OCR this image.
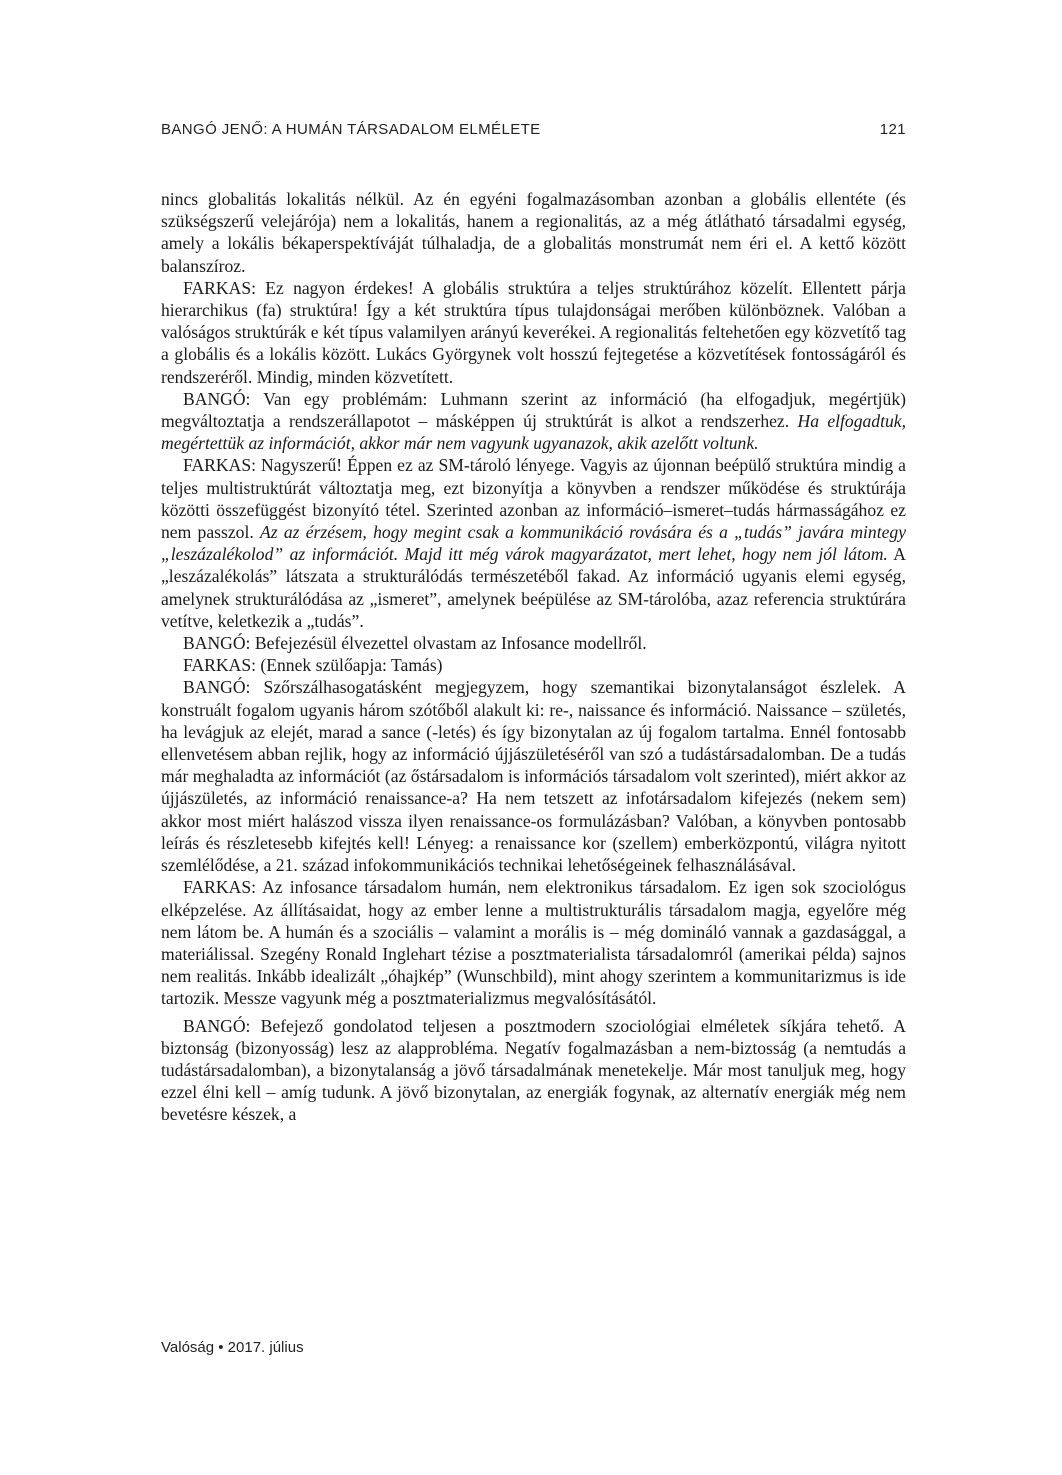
BANGÓ JENŐ: A HUMÁN TÁRSADALOM ELMÉLETE	121

nincs globalitás lokalitás nélkül. Az én egyéni fogalmazásomban azonban a globális ellentéte (és szükségszerű velejárója) nem a lokalitás, hanem a regionalitás, az a még átlátható társadalmi egység, amely a lokális békaperspektíváját túlhaladja, de a globalitás monstrumát nem éri el. A kettő között balanszíroz.

FARKAS: Ez nagyon érdekes! A globális struktúra a teljes struktúrához közelít. Ellentett párja hierarchikus (fa) struktúra! Így a két struktúra típus tulajdonságai merőben különböznek. Valóban a valóságos struktúrák e két típus valamilyen arányú keverékei. A regionalitás feltehetően egy közvetítő tag a globális és a lokális között. Lukács Györgynek volt hosszú fejtegetése a közvetítések fontosságáról és rendszeréről. Mindig, minden közvetített.

BANGÓ: Van egy problémám: Luhmann szerint az információ (ha elfogadjuk, megértjük) megváltoztatja a rendszerállapotot – másképpen új struktúrát is alkot a rendszerhez. Ha elfogadtuk, megértettük az információt, akkor már nem vagyunk ugyanazok, akik azelőtt voltunk.

FARKAS: Nagyszerű! Éppen ez az SM-tároló lényege. Vagyis az újonnan beépülő struktúra mindig a teljes multistruktúrát változtatja meg, ezt bizonyítja a könyvben a rendszer működése és struktúrája közötti összefüggést bizonyító tétel. Szerinted azonban az információ–ismeret–tudás hármasságához ez nem passzol. Az az érzésem, hogy megint csak a kommunikáció rovására és a „tudás” javára mintegy „leszázalékolod” az információt. Majd itt még várok magyarázatot, mert lehet, hogy nem jól látom. A „leszázalékolás” látszata a strukturálódás természetéből fakad. Az információ ugyanis elemi egység, amelynek strukturálódása az „ismeret”, amelynek beépülése az SM-tárolóba, azaz referencia struktúrára vetítve, keletkezik a „tudás”.

BANGÓ: Befejezésül élvezettel olvastam az Infosance modellről.

FARKAS: (Ennek szülőapja: Tamás)

BANGÓ: Szőrszálhasogatásként megjegyzem, hogy szemantikai bizonytalanságot észlelek. A konstruált fogalom ugyanis három szótőből alakult ki: re-, naissance és információ. Naissance – születés, ha levágjuk az elejét, marad a sance (-letés) és így bizonytalan az új fogalom tartalma. Ennél fontosabb ellenvetésem abban rejlik, hogy az információ újjászületéséről van szó a tudástársadalomban. De a tudás már meghaladta az információt (az őstársadalom is információs társadalom volt szerinted), miért akkor az újjászületés, az információ renaissance-a? Ha nem tetszett az infotársadalom kifejezés (nekem sem) akkor most miért halászod vissza ilyen renaissance-os formulázásban? Valóban, a könyvben pontosabb leírás és részletesebb kifejtés kell! Lényeg: a renaissance kor (szellem) emberközpontú, világra nyitott szemlélődése, a 21. század infokommunikációs technikai lehetőségeinek felhasználásával.

FARKAS: Az infosance társadalom humán, nem elektronikus társadalom. Ez igen sok szociológus elképzelése. Az állításaidat, hogy az ember lenne a multistrukturális társadalom magja, egyelőre még nem látom be. A humán és a szociális – valamint a morális is – még domináló vannak a gazdasággal, a materiálissal. Szegény Ronald Inglehart tézise a posztmaterialista társadalomról (amerikai példa) sajnos nem realitás. Inkább idealizált „óhajkép” (Wunschbild), mint ahogy szerintem a kommunitarizmus is ide tartozik. Messze vagyunk még a posztmaterializmus megvalósításától.

BANGÓ: Befejező gondolatod teljesen a posztmodern szociológiai elméletek síkjára tehető. A biztonság (bizonyosság) lesz az alapprobléma. Negatív fogalmazásban a nem-biztosság (a nemtudás a tudástársadalomban), a bizonytalanság a jövő társadalmának menetekelje. Már most tanuljuk meg, hogy ezzel élni kell – amíg tudunk. A jövő bizonytalan, az energiák fogynak, az alternatív energiák még nem bevetésre készek, a

Valóság • 2017. július
